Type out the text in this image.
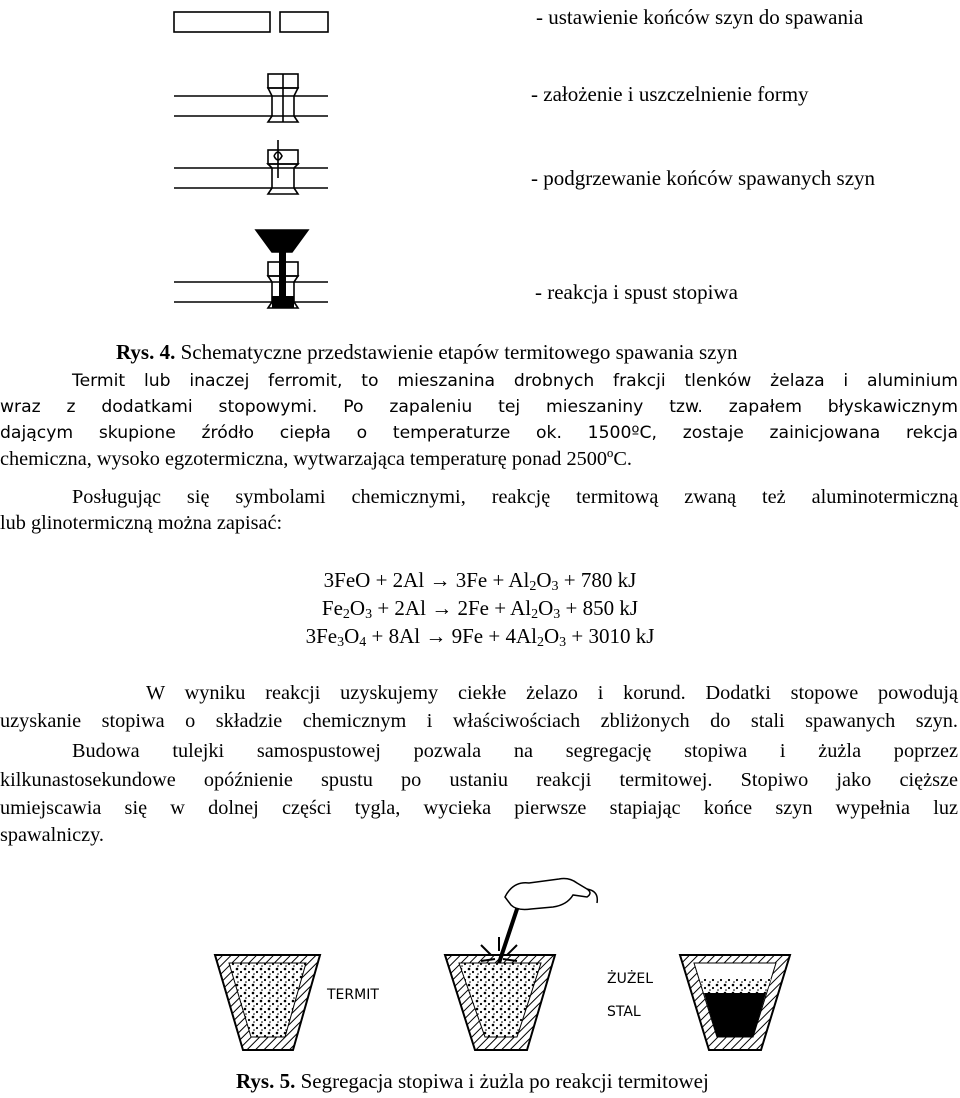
- ustawienie końców szyn do spawania
- założenie i uszczelnienie formy
- podgrzewanie końców spawanych szyn
- reakcja i spust stopiwa
Rys. 4. Schematyczne przedstawienie etapów termitowego spawania szyn
Termit lub inaczej ferromit, to mieszanina drobnych frakcji tlenków żelaza i aluminium
wraz z dodatkami stopowymi. Po zapaleniu tej mieszaniny tzw. zapałem błyskawicznym
dającym skupione źródło ciepła o temperaturze ok. 1500ºC, zostaje zainicjowana rekcja
chemiczna, wysoko egzotermiczna, wytwarzająca temperaturę ponad 2500ºC.
Posługując się symbolami chemicznymi, reakcję termitową zwaną też aluminotermiczną
lub glinotermiczną można zapisać:
$3FeO + 2Al \to 3Fe + Al_2O_3 + 780$ kJ
$Fe_2O_3 + 2Al \to 2Fe + Al_2O_3 + 850$ kJ
$3Fe_3O_4 + 8Al \to 9Fe + 4Al_2O_3 + 3010$ kJ
W wyniku reakcji uzyskujemy ciekłe żelazo i korund. Dodatki stopowe powodują
uzyskanie stopiwa o składzie chemicznym i właściwościach zbliżonych do stali spawanych szyn.
Budowa tulejki samospustowej pozwala na segregację stopiwa i żużla poprzez
kilkunastosekundowe opóźnienie spustu po ustaniu reakcji termitowej. Stopiwo jako cięższe
umiejscawia się w dolnej części tygla, wycieka pierwsze stapiając końce szyn wypełnia luz
spawalniczy.
TERMIT
ŻUŻEL
STAL
Rys. 5. Segregacja stopiwa i żużla po reakcji termitowej
